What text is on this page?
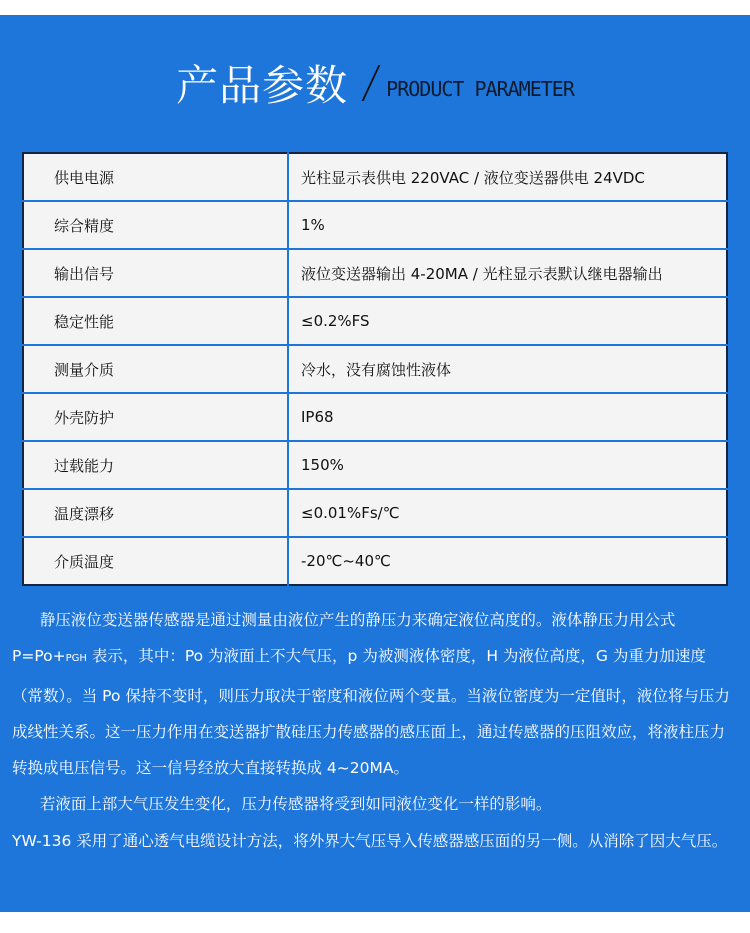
产品参数 PRODUCT PARAMETER
供电电源	光柱显示表供电 220VAC / 液位变送器供电 24VDC
综合精度	1%
输出信号	液位变送器输出 4-20MA / 光柱显示表默认继电器输出
稳定性能	≤0.2%FS
测量介质	冷水，没有腐蚀性液体
外壳防护	IP68
过载能力	150%
温度漂移	≤0.01%Fs/℃
介质温度	-20℃~40℃

静压液位变送器传感器是通过测量由液位产生的静压力来确定液位高度的。液体静压力用公式 P=Po+PGH 表示，其中：Po 为液面上不大气压，p 为被测液体密度，H 为液位高度，G 为重力加速度（常数）。当 Po 保持不变时，则压力取决于密度和液位两个变量。当液位密度为一定值时，液位将与压力成线性关系。这一压力作用在变送器扩散硅压力传感器的感压面上，通过传感器的压阻效应，将液柱压力转换成电压信号。这一信号经放大直接转换成 4~20MA。

若液面上部大气压发生变化，压力传感器将受到如同液位变化一样的影响。

YW-136 采用了通心透气电缆设计方法，将外界大气压导入传感器感压面的另一侧。从消除了因大气压。
